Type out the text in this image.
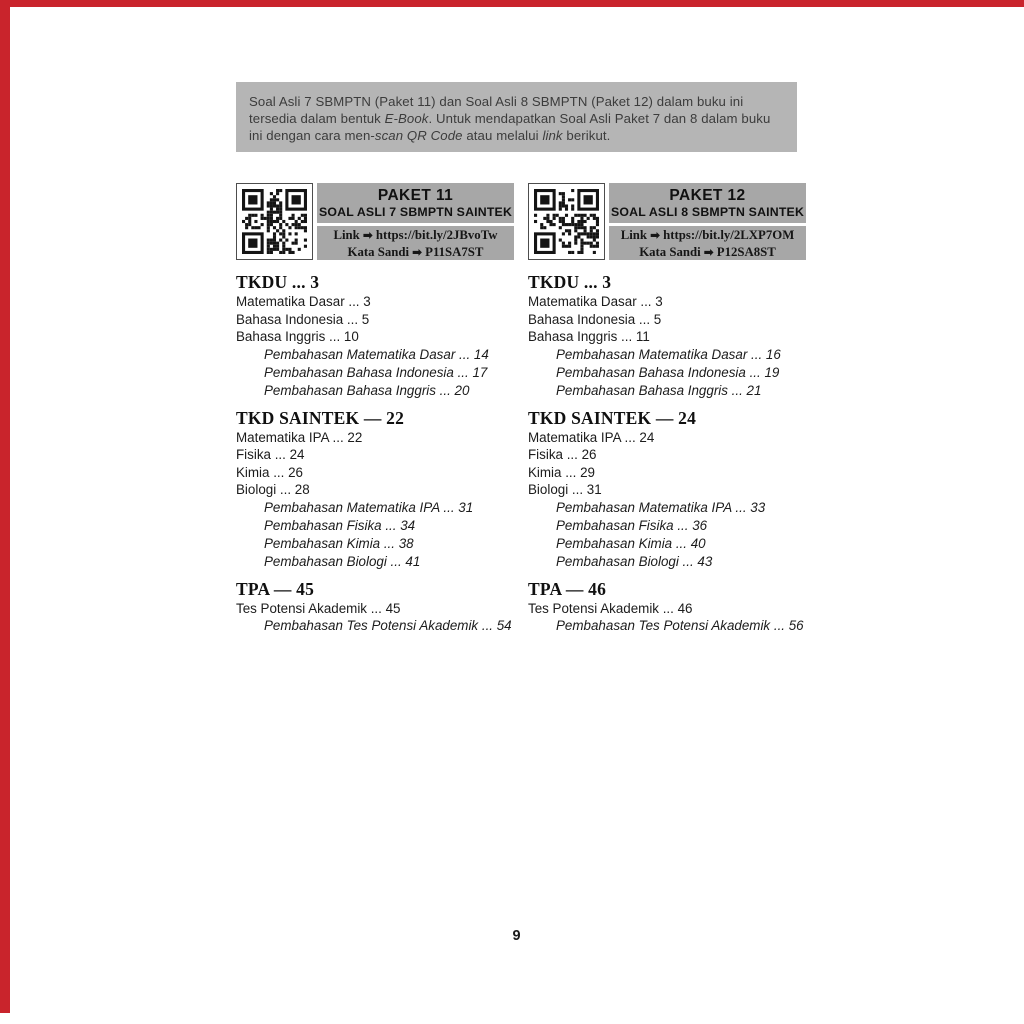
Soal Asli 7 SBMPTN (Paket 11) dan Soal Asli 8 SBMPTN (Paket 12) dalam buku ini tersedia dalam bentuk E-Book. Untuk mendapatkan Soal Asli Paket 7 dan 8 dalam buku ini dengan cara men-scan QR Code atau melalui link berikut.
PAKET 11
SOAL ASLI 7 SBMPTN SAINTEK
Link ➡ https://bit.ly/2JBvoTw
Kata Sandi ➡ P11SA7ST
PAKET 12
SOAL ASLI 8 SBMPTN SAINTEK
Link ➡ https://bit.ly/2LXP7OM
Kata Sandi ➡ P12SA8ST
TKDU ... 3
Matematika Dasar ... 3
Bahasa Indonesia ... 5
Bahasa Inggris ... 10
Pembahasan Matematika Dasar ... 14
Pembahasan Bahasa Indonesia ... 17
Pembahasan Bahasa Inggris ... 20
TKD SAINTEK — 22
Matematika IPA ... 22
Fisika ... 24
Kimia ... 26
Biologi ... 28
Pembahasan Matematika IPA ... 31
Pembahasan Fisika ... 34
Pembahasan Kimia ... 38
Pembahasan Biologi ... 41
TPA — 45
Tes Potensi Akademik ... 45
Pembahasan Tes Potensi Akademik ... 54
TKDU ... 3
Matematika Dasar ... 3
Bahasa Indonesia ... 5
Bahasa Inggris ... 11
Pembahasan Matematika Dasar ... 16
Pembahasan Bahasa Indonesia ... 19
Pembahasan Bahasa Inggris ... 21
TKD SAINTEK — 24
Matematika IPA ... 24
Fisika ... 26
Kimia ... 29
Biologi ... 31
Pembahasan Matematika IPA ... 33
Pembahasan Fisika ... 36
Pembahasan Kimia ... 40
Pembahasan Biologi ... 43
TPA — 46
Tes Potensi Akademik ... 46
Pembahasan Tes Potensi Akademik ... 56
9
